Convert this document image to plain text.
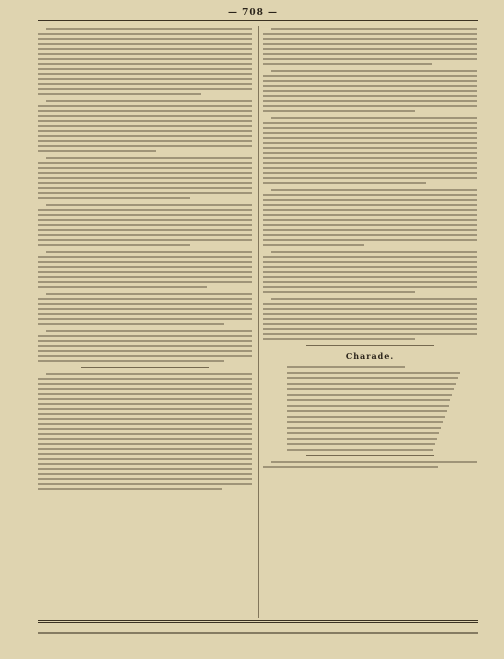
— 708 —
Charade.
